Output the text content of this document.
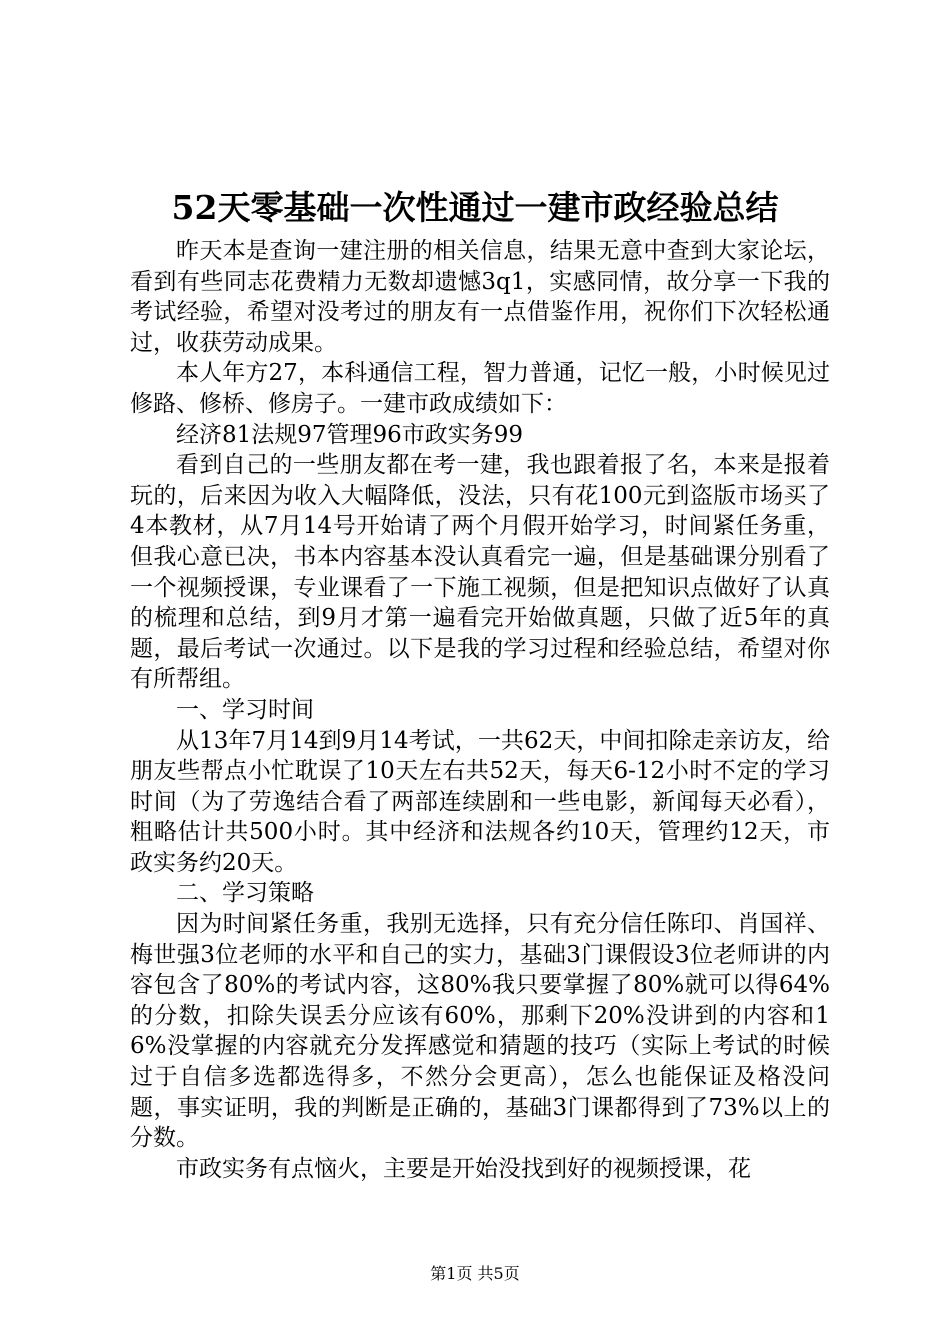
52天零基础一次性通过一建市政经验总结

昨天本是查询一建注册的相关信息，结果无意中查到大家论坛，看到有些同志花费精力无数却遗憾3q1，实感同情，故分享一下我的考试经验，希望对没考过的朋友有一点借鉴作用，祝你们下次轻松通过，收获劳动成果。

本人年方27，本科通信工程，智力普通，记忆一般，小时候见过修路、修桥、修房子。一建市政成绩如下：

经济81法规97管理96市政实务99

看到自己的一些朋友都在考一建，我也跟着报了名，本来是报着玩的，后来因为收入大幅降低，没法，只有花100元到盗版市场买了4本教材，从7月14号开始请了两个月假开始学习，时间紧任务重，但我心意已决，书本内容基本没认真看完一遍，但是基础课分别看了一个视频授课，专业课看了一下施工视频，但是把知识点做好了认真的梳理和总结，到9月才第一遍看完开始做真题，只做了近5年的真题，最后考试一次通过。以下是我的学习过程和经验总结，希望对你有所帮组。

一、学习时间

从13年7月14到9月14考试，一共62天，中间扣除走亲访友，给朋友些帮点小忙耽误了10天左右共52天，每天6-12小时不定的学习时间（为了劳逸结合看了两部连续剧和一些电影，新闻每天必看），粗略估计共500小时。其中经济和法规各约10天，管理约12天，市政实务约20天。

二、学习策略

因为时间紧任务重，我别无选择，只有充分信任陈印、肖国祥、梅世强3位老师的水平和自己的实力，基础3门课假设3位老师讲的内容包含了80%的考试内容，这80%我只要掌握了80%就可以得64%的分数，扣除失误丢分应该有60%，那剩下20%没讲到的内容和16%没掌握的内容就充分发挥感觉和猜题的技巧（实际上考试的时候过于自信多选都选得多，不然分会更高），怎么也能保证及格没问题，事实证明，我的判断是正确的，基础3门课都得到了73%以上的分数。

市政实务有点恼火，主要是开始没找到好的视频授课，花

第1页 共5页
